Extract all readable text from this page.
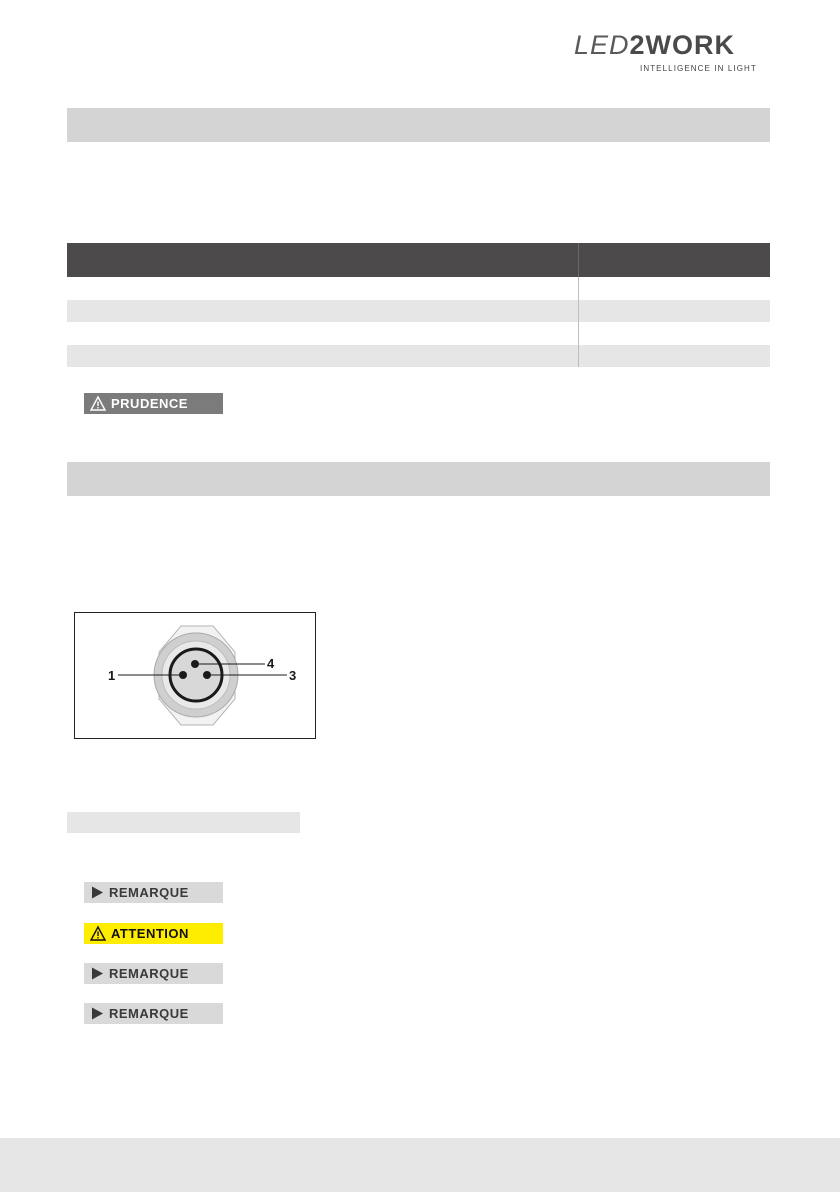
LED2WORK
INTELLIGENCE IN LIGHT
PRUDENCE
1
4
3
REMARQUE
ATTENTION
REMARQUE
REMARQUE
